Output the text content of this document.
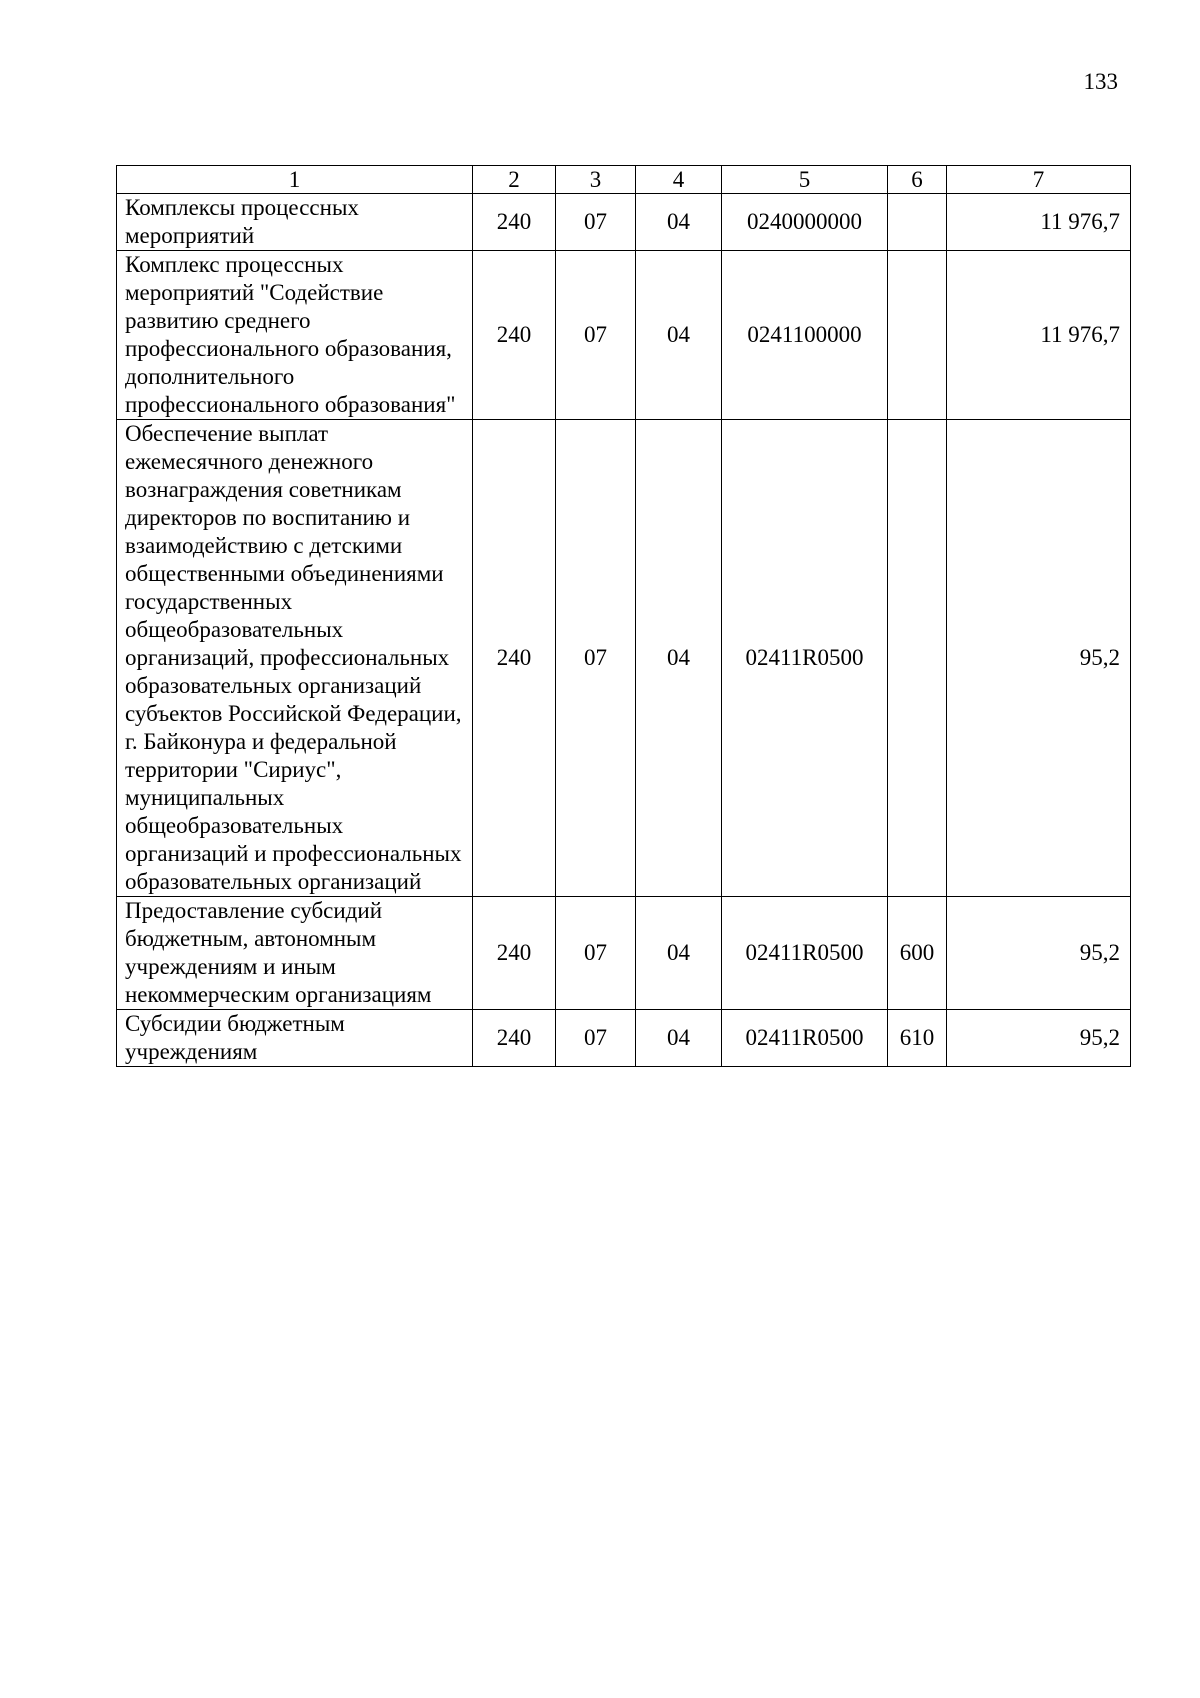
133
1	2	3	4	5	6	7
Комплексы процессных мероприятий	240	07	04	0240000000		11 976,7
Комплекс процессных мероприятий "Содействие развитию среднего профессионального образования, дополнительного профессионального образования"	240	07	04	0241100000		11 976,7
Обеспечение выплат ежемесячного денежного вознаграждения советникам директоров по воспитанию и взаимодействию с детскими общественными объединениями государственных общеобразовательных организаций, профессиональных образовательных организаций субъектов Российской Федерации, г. Байконура и федеральной территории "Сириус", муниципальных общеобразовательных организаций и профессиональных образовательных организаций	240	07	04	02411R0500		95,2
Предоставление субсидий бюджетным, автономным учреждениям и иным некоммерческим организациям	240	07	04	02411R0500	600	95,2
Субсидии бюджетным учреждениям	240	07	04	02411R0500	610	95,2
